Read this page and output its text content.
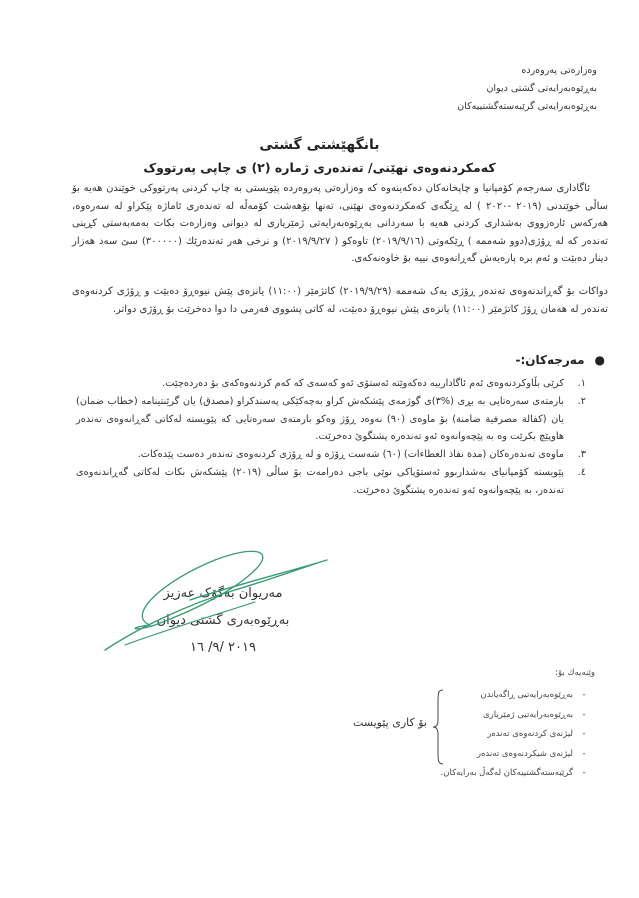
وەزارەتی پەروەردە
بەڕێوەبەرایەتی گشتی دیوان
بەڕێوەبەرایەتی گرێبەستەگشتییەکان
بانگهێشتی گشتی
کەمکردنەوەی نهێنی/ تەندەری ژمارە (٢) ی چاپی پەرتووک
ئاگاداری سەرجەم کۆمپانیا و چاپخانەکان دەکەینەوە کە وەزارەتی پەروەردە پێویستی بە چاپ کردنی پەرتووکی خوێندن هەیە بۆ ساڵی خوێندنی (٢٠١٩ -٢٠٢٠ ) لە ڕێگەی کەمکردنەوەی نهێنی، تەنها بۆهەشت کۆمەڵە لە تەندەری ئاماژە پێکراو لە سەرەوە، هەرکەس ئارەزووی بەشداری کردنی هەیە با سەردانی بەڕێوەبەرایەتی ژمێریاری لە دیوانی وەزارەت بکات بەمەبەستی کڕینی تەندەر کە لە ڕۆژی(دوو شەممە ) ڕێکەوتی (٢٠١٩/٩/١٦) تاوەکو ( ٢٠١٩/٩/٢٧) و نرخی هەر تەندەرێك (٣٠٠٠٠٠) سێ سەد هەزار دینار دەبێت و ئەم برە پارەیەش گەڕانەوەی نییە بۆ خاوەنەکەی.
دواکات بۆ گەڕاندنەوەی تەندەر ڕۆژی یەک شەممە (٢٠١٩/٩/٢٩) کاتژمێر (١١:٠٠) یانزەی پێش نیوەڕۆ دەبێت و ڕۆژی کردنەوەی تەندەر لە هەمان ڕۆژ کاتژمێر (١١:٠٠) یانزەی پێش نیوەڕۆ دەبێت، لە کاتی پشووی فەرمی دا دوا دەخرێت بۆ ڕۆژی دواتر.
●مەرجەکان:-
١.
کرێی بڵاوکردنەوەی ئەم ئاگادارییە دەکەوێتە ئەستۆی ئەو کەسەی کە کەم کردنەوەکەی بۆ دەردەچێت.
٢.
بارمتەی سەرەتایی بە بڕی (%٣)ی گوژمەی پێشکەش کراو بەچەکێکی پەسندکراو (مصدق) یان گرێنتینامە (خطاب ضمان) یان (کفالة مصرفية ضامنة) بۆ ماوەی (٩٠) نەوەد ڕۆژ وەکو بارمتەی سەرەتایی کە پێویستە لەکاتی گەڕانەوەی تەندەر هاوپێچ بکرێت وە بە پێچەوانەوە ئەو تەندەرە پشتگوێ دەخرێت.
٣.
ماوەی تەندەرەکان (مدة نفاذ العطاءات) (٦٠) شەست ڕۆژە و لە ڕۆژی کردنەوەی تەندەر دەست پێدەکات.
٤.
پێویستە کۆمپانیای بەشداربوو ئەستۆپاکی نوێی باجی دەرامەت بۆ ساڵی (٢٠١٩) پێشکەش بکات لەکاتی گەڕاندنەوەی تەندەر، بە پێچەوانەوە ئەو تەندەرە پشتگوێ دەخرێت.
مەریوان بەگۆک عەزیز
بەڕێوەبەری گشتی دیوان
٢٠١٩ /٩/ ١٦
وێنەیەك بۆ:
-
بەڕێوەبەرایەتیی ڕاگەیاندن
-
بەڕێوەبەرایەتیی ژمێریاری
-
لیژنەی کردنەوەی تەندەر
-
لیژنەی شیکردنەوەی تەندەر
-
گرێبەستەگشتییەکان لەگەڵ بەرایەکان.
بۆ کاری پێویست
